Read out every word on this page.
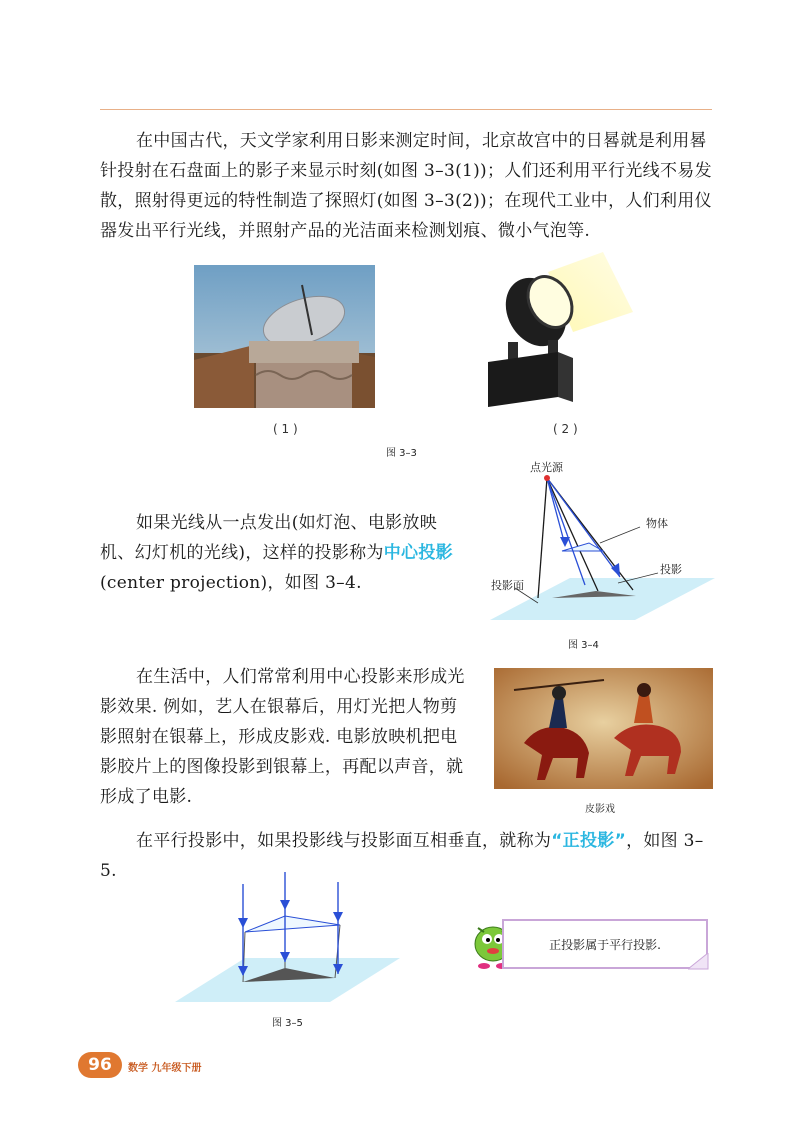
在中国古代，天文学家利用日影来测定时间，北京故宫中的日晷就是利用晷针投射在石盘面上的影子来显示时刻(如图 3–3(1))；人们还利用平行光线不易发散，照射得更远的特性制造了探照灯(如图 3–3(2))；在现代工业中，人们利用仪器发出平行光线，并照射产品的光洁面来检测划痕、微小气泡等.

( 1 )	( 2 )
图 3–3

如果光线从一点发出(如灯泡、电影放映机、幻灯机的光线)，这样的投影称为中心投影(center projection)，如图 3–4.

点光源
物体
投影
投影面
图 3–4

在生活中，人们常常利用中心投影来形成光影效果. 例如，艺人在银幕后，用灯光把人物剪影照射在银幕上，形成皮影戏. 电影放映机把电影胶片上的图像投影到银幕上，再配以声音，就形成了电影.

皮影戏

在平行投影中，如果投影线与投影面互相垂直，就称为“正投影”，如图 3–5.

图 3–5
正投影属于平行投影.
96	数学 九年级下册
